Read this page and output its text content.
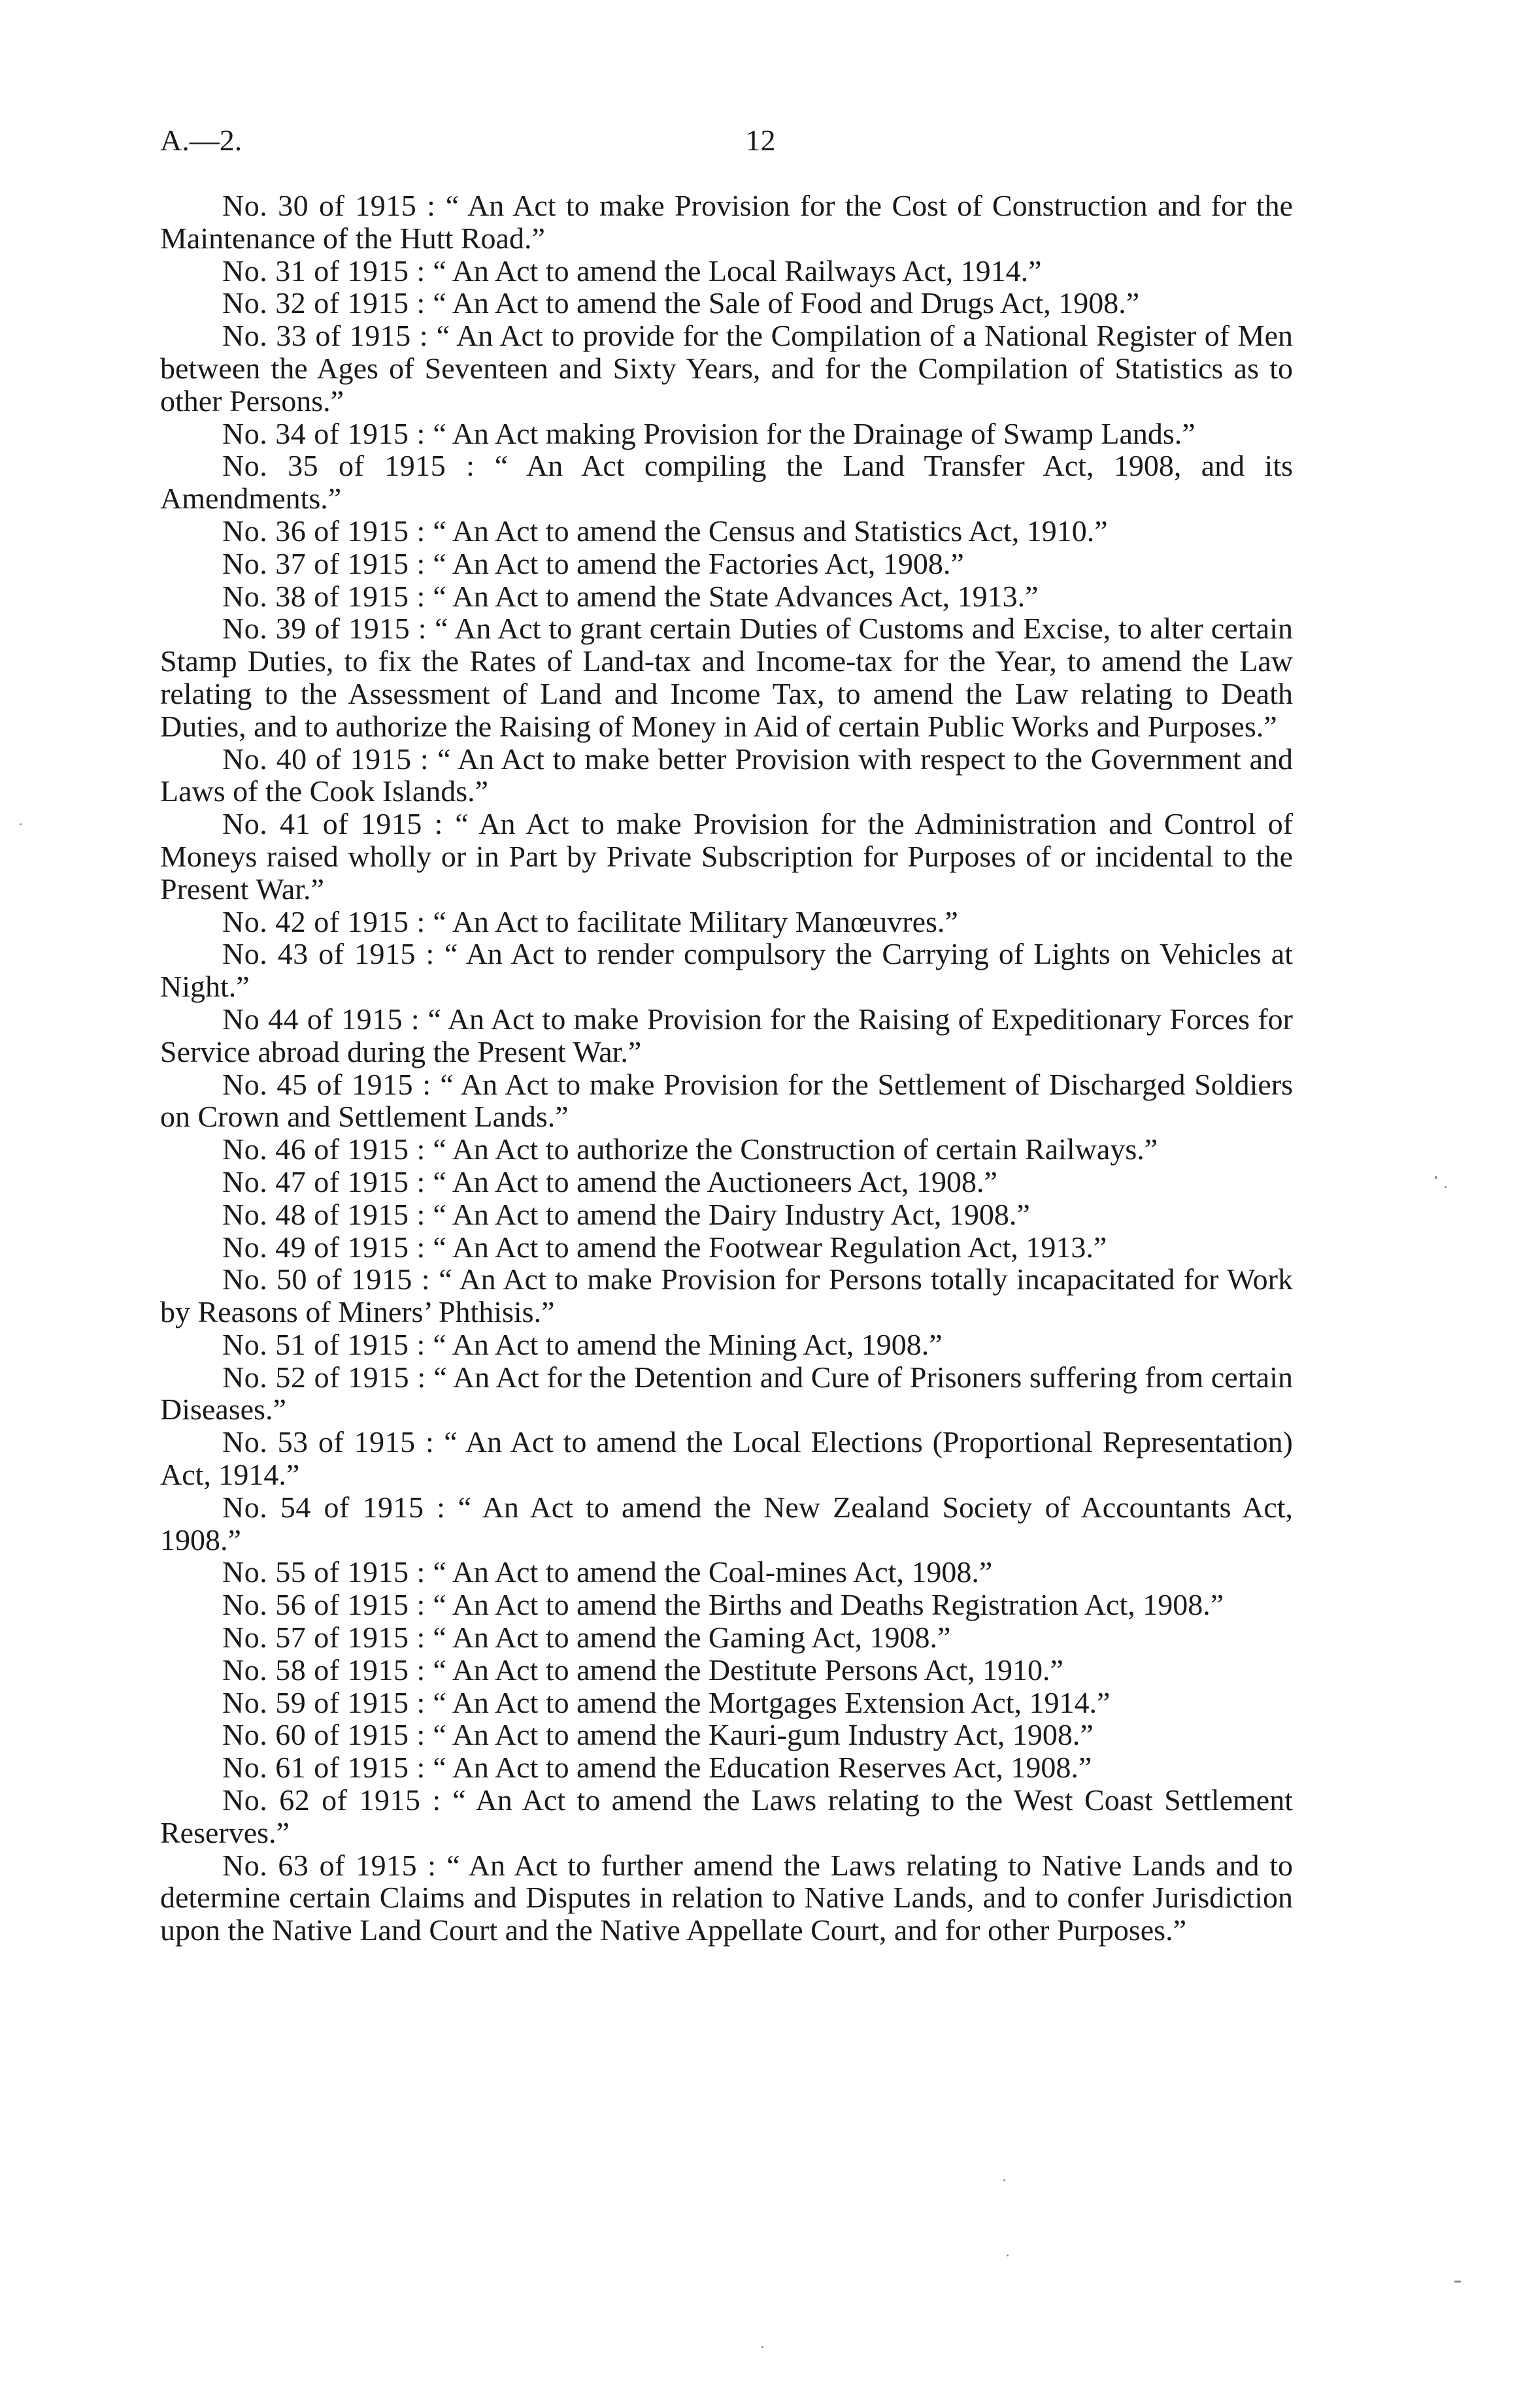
A.—2.	12

No. 30 of 1915 : “ An Act to make Provision for the Cost of Construction and for the Maintenance of the Hutt Road.”

No. 31 of 1915 : “ An Act to amend the Local Railways Act, 1914.”

No. 32 of 1915 : “ An Act to amend the Sale of Food and Drugs Act, 1908.”

No. 33 of 1915 : “ An Act to provide for the Compilation of a National Register of Men between the Ages of Seventeen and Sixty Years, and for the Compilation of Statistics as to other Persons.”

No. 34 of 1915 : “ An Act making Provision for the Drainage of Swamp Lands.”

No. 35 of 1915 : “ An Act compiling the Land Transfer Act, 1908, and its Amendments.”

No. 36 of 1915 : “ An Act to amend the Census and Statistics Act, 1910.”

No. 37 of 1915 : “ An Act to amend the Factories Act, 1908.”

No. 38 of 1915 : “ An Act to amend the State Advances Act, 1913.”

No. 39 of 1915 : “ An Act to grant certain Duties of Customs and Excise, to alter certain Stamp Duties, to fix the Rates of Land-tax and Income-tax for the Year, to amend the Law relating to the Assessment of Land and Income Tax, to amend the Law relating to Death Duties, and to authorize the Raising of Money in Aid of certain Public Works and Purposes.”

No. 40 of 1915 : “ An Act to make better Provision with respect to the Government and Laws of the Cook Islands.”

No. 41 of 1915 : “ An Act to make Provision for the Administration and Control of Moneys raised wholly or in Part by Private Subscription for Purposes of or incidental to the Present War.”

No. 42 of 1915 : “ An Act to facilitate Military Manœuvres.”

No. 43 of 1915 : “ An Act to render compulsory the Carrying of Lights on Vehicles at Night.”

No 44 of 1915 : “ An Act to make Provision for the Raising of Expeditionary Forces for Service abroad during the Present War.”

No. 45 of 1915 : “ An Act to make Provision for the Settlement of Discharged Soldiers on Crown and Settlement Lands.”

No. 46 of 1915 : “ An Act to authorize the Construction of certain Railways.”

No. 47 of 1915 : “ An Act to amend the Auctioneers Act, 1908.”

No. 48 of 1915 : “ An Act to amend the Dairy Industry Act, 1908.”

No. 49 of 1915 : “ An Act to amend the Footwear Regulation Act, 1913.”

No. 50 of 1915 : “ An Act to make Provision for Persons totally incapacitated for Work by Reasons of Miners’ Phthisis.”

No. 51 of 1915 : “ An Act to amend the Mining Act, 1908.”

No. 52 of 1915 : “ An Act for the Detention and Cure of Prisoners suffering from certain Diseases.”

No. 53 of 1915 : “ An Act to amend the Local Elections (Proportional Representation) Act, 1914.”

No. 54 of 1915 : “ An Act to amend the New Zealand Society of Accountants Act, 1908.”

No. 55 of 1915 : “ An Act to amend the Coal-mines Act, 1908.”

No. 56 of 1915 : “ An Act to amend the Births and Deaths Registration Act, 1908.”

No. 57 of 1915 : “ An Act to amend the Gaming Act, 1908.”

No. 58 of 1915 : “ An Act to amend the Destitute Persons Act, 1910.”

No. 59 of 1915 : “ An Act to amend the Mortgages Extension Act, 1914.”

No. 60 of 1915 : “ An Act to amend the Kauri-gum Industry Act, 1908.”

No. 61 of 1915 : “ An Act to amend the Education Reserves Act, 1908.”

No. 62 of 1915 : “ An Act to amend the Laws relating to the West Coast Settlement Reserves.”

No. 63 of 1915 : “ An Act to further amend the Laws relating to Native Lands and to determine certain Claims and Disputes in relation to Native Lands, and to confer Jurisdiction upon the Native Land Court and the Native Appellate Court, and for other Purposes.”
